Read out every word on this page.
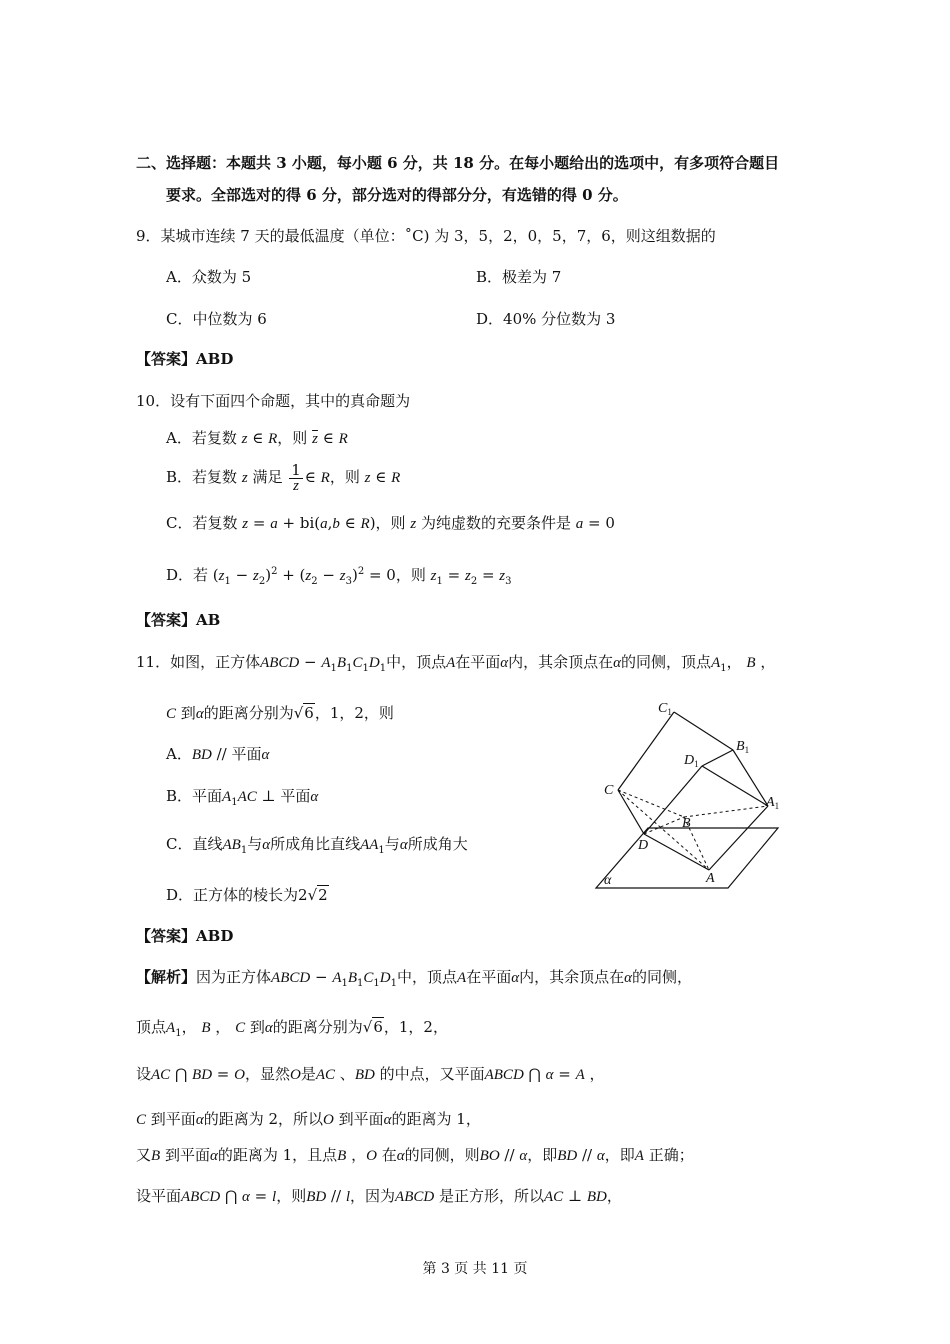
二、选择题：本题共 3 小题，每小题 6 分，共 18 分。在每小题给出的选项中，有多项符合题目
要求。全部选对的得 6 分，部分选对的得部分分，有选错的得 0 分。
9．某城市连续 7 天的最低温度（单位：˚C) 为 3，5，2，0，5，7，6，则这组数据的
A．众数为 5	B．极差为 7
C．中位数为 6	D．40% 分位数为 3
【答案】ABD
10．设有下面四个命题，其中的真命题为
A．若复数 z ∈ R，则 $\overline{z}$ ∈ R
B．若复数 z 满足 $\frac{1}{z}$ ∈ R，则 z ∈ R
C．若复数 z = a + bi(a,b ∈ R)，则 z 为纯虚数的充要条件是 a = 0
D．若 $(z_1 - z_2)^2 + (z_2 - z_3)^2 = 0$，则 $z_1 = z_2 = z_3$
【答案】AB
11．如图，正方体ABCD − $A_1B_1C_1D_1$中，顶点A在平面α内，其余顶点在α的同侧，顶点$A_1$， B ，
C 到α的距离分别为√6，1，2，则
A．BD // 平面α
B．平面$A_1AC$ ⊥ 平面α
C．直线$AB_1$与α所成角比直线$AA_1$与α所成角大
D．正方体的棱长为2√2
【答案】ABD
$C_1$
$B_1$
$D_1$
C
$A_1$
B
D
A
α
【解析】因为正方体ABCD − $A_1B_1C_1D_1$中，顶点A在平面α内，其余顶点在α的同侧，
顶点$A_1$， B ， C 到α的距离分别为√6，1，2，
设AC ⋂ BD = O，显然O是AC 、BD 的中点，又平面ABCD ⋂ α = A ，
C 到平面α的距离为 2，所以O 到平面α的距离为 1，
又B 到平面α的距离为 1，且点B ，O 在α的同侧，则BO // α，即BD // α，即A 正确；
设平面ABCD ⋂ α = l，则BD // l，因为ABCD 是正方形，所以AC ⊥ BD，
第 3 页 共 11 页
